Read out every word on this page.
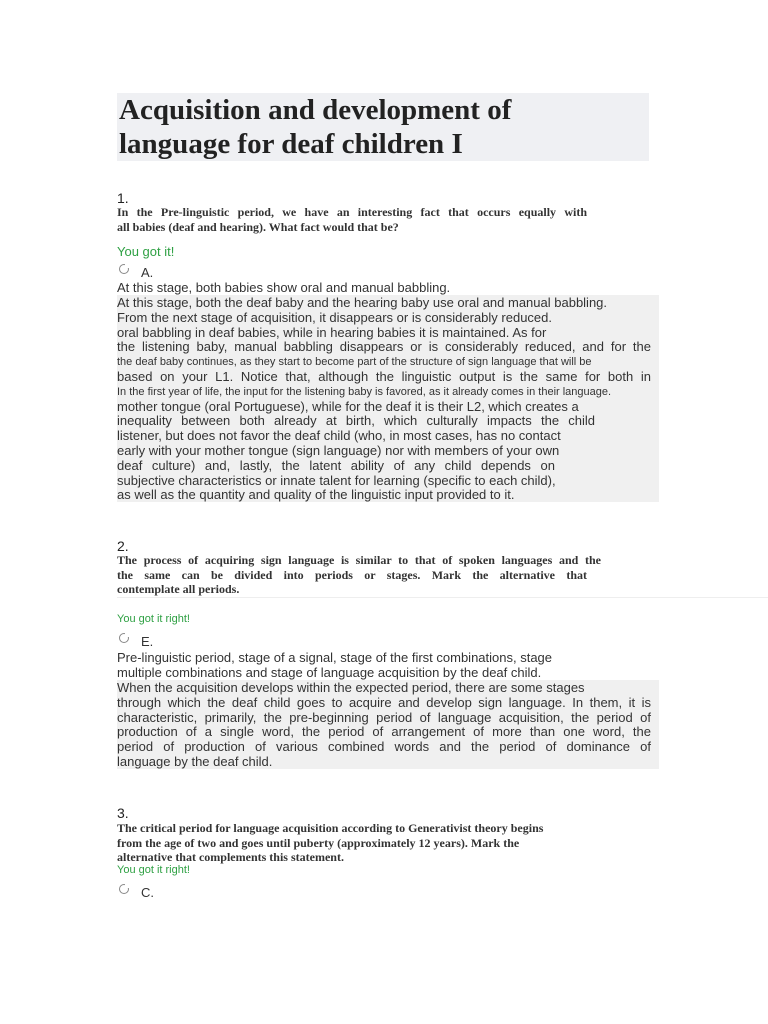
Acquisition and development of
language for deaf children I
1.
In the Pre-linguistic period, we have an interesting fact that occurs equally with
all babies (deaf and hearing). What fact would that be?
You got it!
A.
At this stage, both babies show oral and manual babbling.
At this stage, both the deaf baby and the hearing baby use oral and manual babbling.
From the next stage of acquisition, it disappears or is considerably reduced.
oral babbling in deaf babies, while in hearing babies it is maintained. As for
the listening baby, manual babbling disappears or is considerably reduced, and for the
the deaf baby continues, as they start to become part of the structure of sign language that will be
based on your L1. Notice that, although the linguistic output is the same for both in
In the first year of life, the input for the listening baby is favored, as it already comes in their language.
mother tongue (oral Portuguese), while for the deaf it is their L2, which creates a
inequality between both already at birth, which culturally impacts the child
listener, but does not favor the deaf child (who, in most cases, has no contact
early with your mother tongue (sign language) nor with members of your own
deaf culture) and, lastly, the latent ability of any child depends on
subjective characteristics or innate talent for learning (specific to each child),
as well as the quantity and quality of the linguistic input provided to it.
2.
The process of acquiring sign language is similar to that of spoken languages and the
the same can be divided into periods or stages. Mark the alternative that
contemplate all periods.
You got it right!
E.
Pre-linguistic period, stage of a signal, stage of the first combinations, stage
multiple combinations and stage of language acquisition by the deaf child.
When the acquisition develops within the expected period, there are some stages
through which the deaf child goes to acquire and develop sign language. In them, it is
characteristic, primarily, the pre-beginning period of language acquisition, the period of
production of a single word, the period of arrangement of more than one word, the
period of production of various combined words and the period of dominance of
language by the deaf child.
3.
The critical period for language acquisition according to Generativist theory begins
from the age of two and goes until puberty (approximately 12 years). Mark the
alternative that complements this statement.
You got it right!
C.
